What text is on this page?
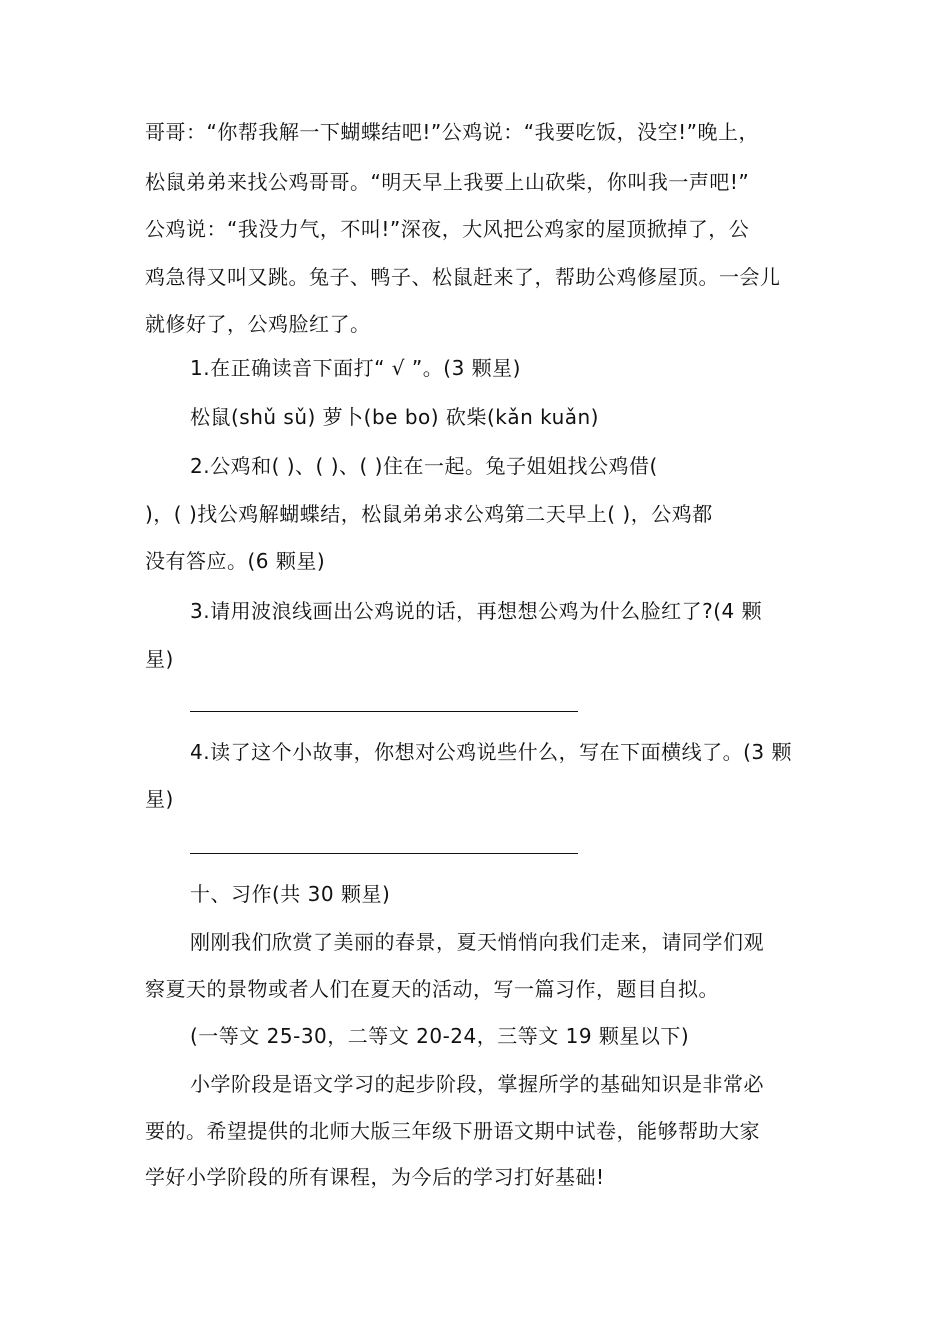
哥哥：“你帮我解一下蝴蝶结吧!”公鸡说：“我要吃饭，没空!”晚上，
松鼠弟弟来找公鸡哥哥。“明天早上我要上山砍柴，你叫我一声吧!”
公鸡说：“我没力气，不叫!”深夜，大风把公鸡家的屋顶掀掉了，公
鸡急得又叫又跳。兔子、鸭子、松鼠赶来了，帮助公鸡修屋顶。一会儿
就修好了，公鸡脸红了。
1.在正确读音下面打“ √ ”。(3 颗星)
松鼠(shǔ sǔ) 萝卜(be bo) 砍柴(kǎn kuǎn)
2.公鸡和( )、( )、( )住在一起。兔子姐姐找公鸡借(
)，( )找公鸡解蝴蝶结，松鼠弟弟求公鸡第二天早上( )，公鸡都
没有答应。(6 颗星)
3.请用波浪线画出公鸡说的话，再想想公鸡为什么脸红了?(4 颗
星)
4.读了这个小故事，你想对公鸡说些什么，写在下面横线了。(3 颗
星)
十、习作(共 30 颗星)
刚刚我们欣赏了美丽的春景，夏天悄悄向我们走来，请同学们观
察夏天的景物或者人们在夏天的活动，写一篇习作，题目自拟。
(一等文 25-30，二等文 20-24，三等文 19 颗星以下)
小学阶段是语文学习的起步阶段，掌握所学的基础知识是非常必
要的。希望提供的北师大版三年级下册语文期中试卷，能够帮助大家
学好小学阶段的所有课程，为今后的学习打好基础!
